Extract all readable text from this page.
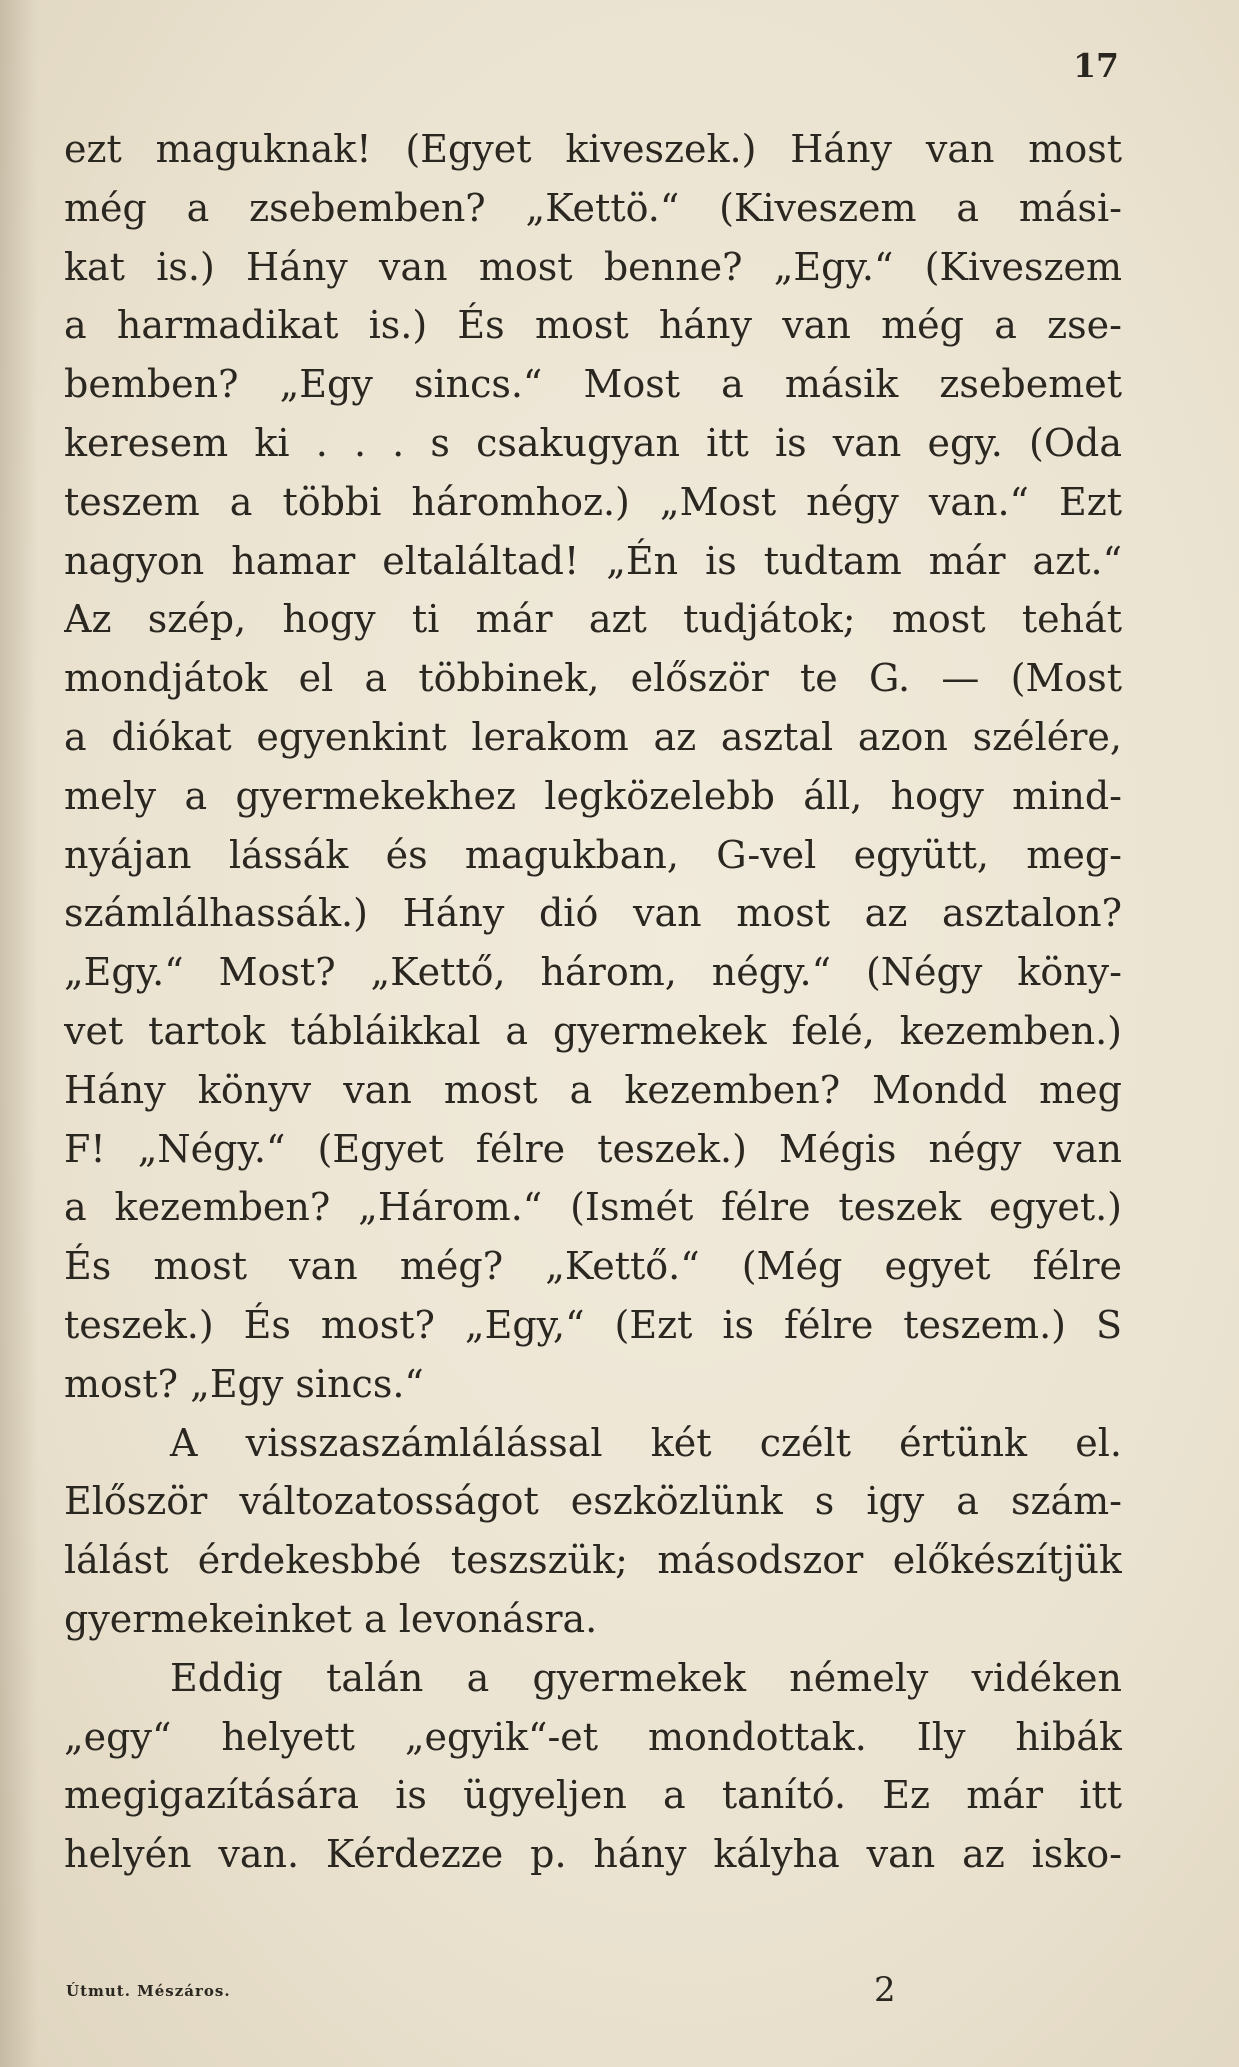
17
ezt maguknak! (Egyet kiveszek.) Hány van most
még a zsebemben? „Kettö.“ (Kiveszem a mási-
kat is.) Hány van most benne? „Egy.“ (Kiveszem
a harmadikat is.) És most hány van még a zse-
bemben? „Egy sincs.“ Most a másik zsebemet
keresem ki . . . s csakugyan itt is van egy. (Oda
teszem a többi háromhoz.) „Most négy van.“ Ezt
nagyon hamar eltaláltad! „Én is tudtam már azt.“
Az szép, hogy ti már azt tudjátok; most tehát
mondjátok el a többinek, először te G. — (Most
a diókat egyenkint lerakom az asztal azon szélére,
mely a gyermekekhez legközelebb áll, hogy mind-
nyájan lássák és magukban, G-vel együtt, meg-
számlálhassák.) Hány dió van most az asztalon?
„Egy.“ Most? „Kettő, három, négy.“ (Négy köny-
vet tartok tábláikkal a gyermekek felé, kezemben.)
Hány könyv van most a kezemben? Mondd meg
F! „Négy.“ (Egyet félre teszek.) Mégis négy van
a kezemben? „Három.“ (Ismét félre teszek egyet.)
És most van még? „Kettő.“ (Még egyet félre
teszek.) És most? „Egy,“ (Ezt is félre teszem.) S
most? „Egy sincs.“
A visszaszámlálással két czélt értünk el.
Először változatosságot eszközlünk s igy a szám-
lálást érdekesbbé teszszük; másodszor előkészítjük
gyermekeinket a levonásra.
Eddig talán a gyermekek némely vidéken
„egy“ helyett „egyik“-et mondottak. Ily hibák
megigazítására is ügyeljen a tanító. Ez már itt
helyén van. Kérdezze p. hány kályha van az isko-
Útmut. Mészáros.	2
